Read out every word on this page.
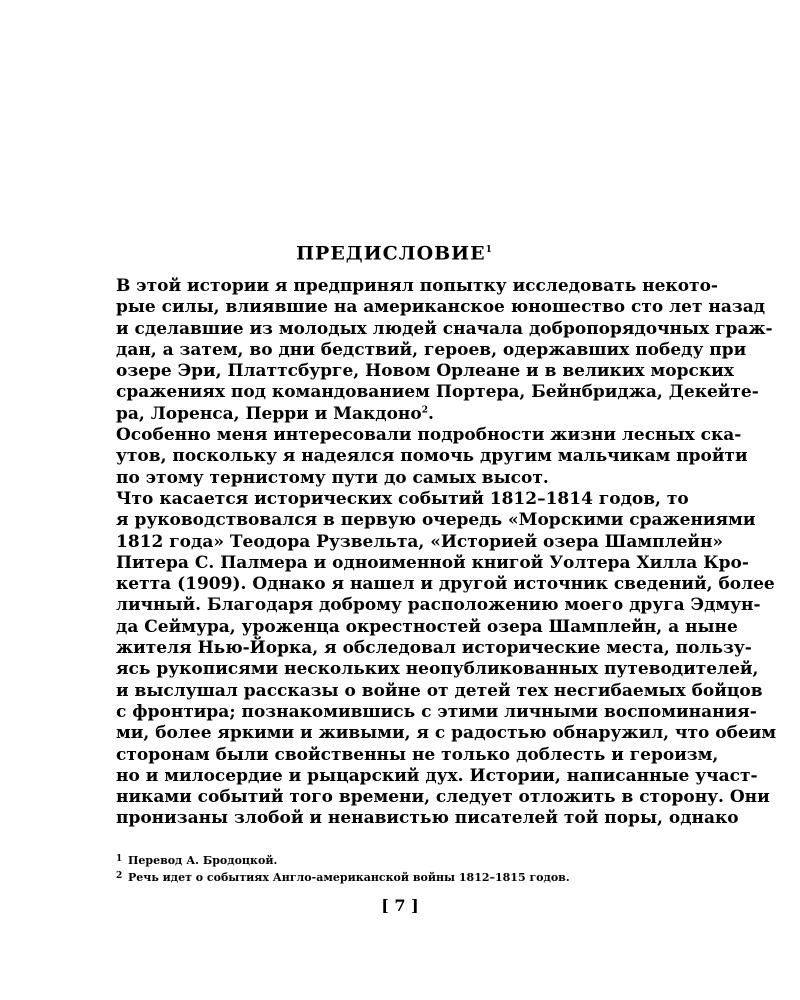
ПРЕДИСЛОВИЕ$^1$

В этой истории я предпринял попытку исследовать некото-
рые силы, влиявшие на американское юношество сто лет назад
и сделавшие из молодых людей сначала добропорядочных граж-
дан, а затем, во дни бедствий, героев, одержавших победу при
озере Эри, Платтсбурге, Новом Орлеане и в великих морских
сражениях под командованием Портера, Бейнбриджа, Декейте-
ра, Лоренса, Перри и Макдоно$^2$.

Особенно меня интересовали подробности жизни лесных ска-
утов, поскольку я надеялся помочь другим мальчикам пройти
по этому тернистому пути до самых высот.

Что касается исторических событий 1812–1814 годов, то
я руководствовался в первую очередь «Морскими сражениями
1812 года» Теодора Рузвельта, «Историей озера Шамплейн»
Питера С. Палмера и одноименной книгой Уолтера Хилла Кро-
кетта (1909). Однако я нашел и другой источник сведений, более
личный. Благодаря доброму расположению моего друга Эдмун-
да Сеймура, уроженца окрестностей озера Шамплейн, а ныне
жителя Нью-Йорка, я обследовал исторические места, пользу-
ясь рукописями нескольких неопубликованных путеводителей,
и выслушал рассказы о войне от детей тех несгибаемых бойцов
с фронтира; познакомившись с этими личными воспоминания-
ми, более яркими и живыми, я с радостью обнаружил, что обеим
сторонам были свойственны не только доблесть и героизм,
но и милосердие и рыцарский дух. Истории, написанные участ-
никами событий того времени, следует отложить в сторону. Они
пронизаны злобой и ненавистью писателей той поры, однако

1 Перевод А. Бродоцкой.
2 Речь идет о событиях Англо-американской войны 1812–1815 годов.
[ 7 ]
